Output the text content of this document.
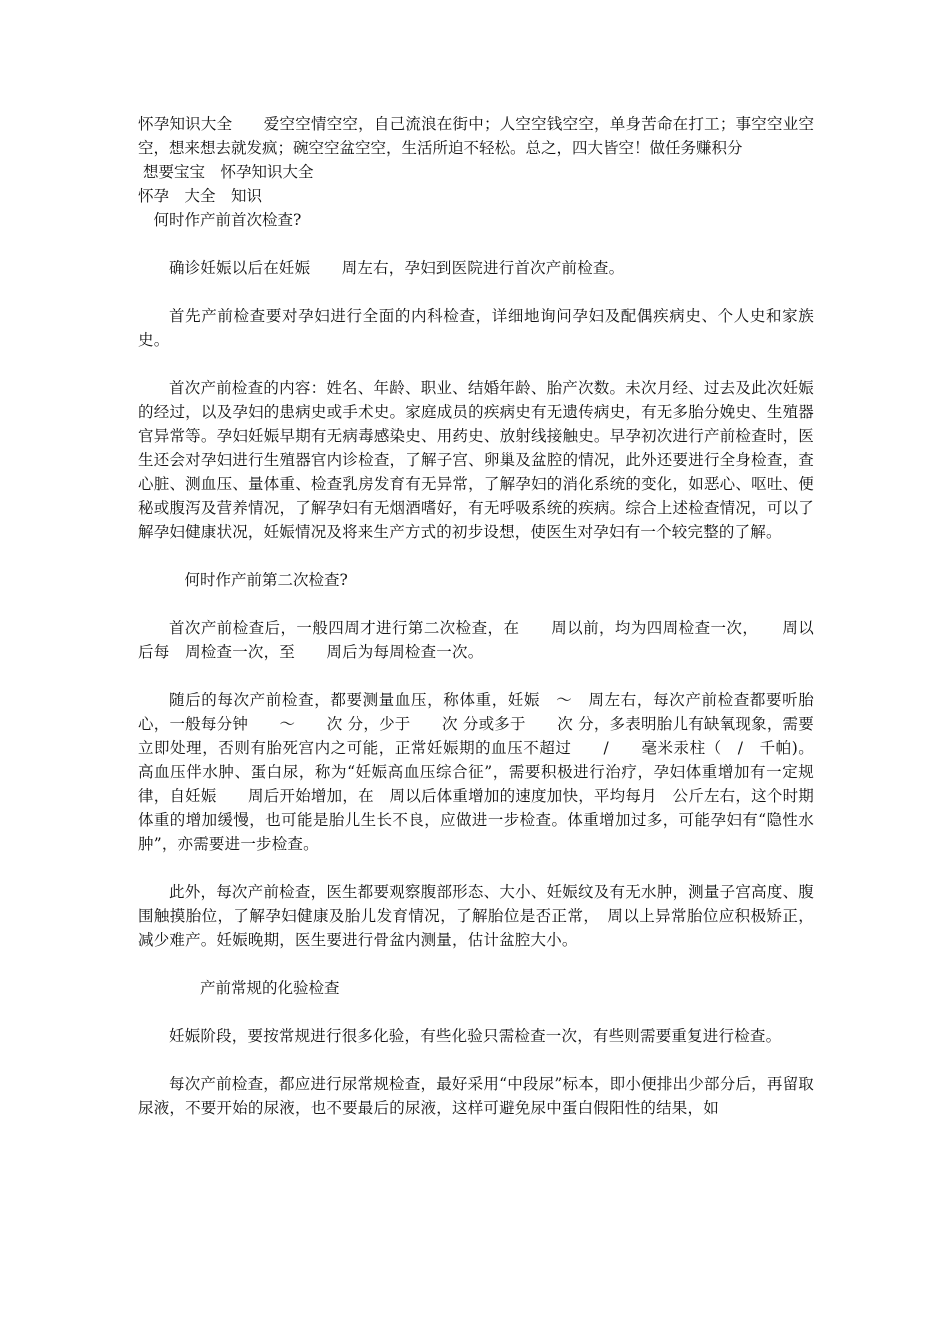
怀孕知识大全　　爱空空情空空，自己流浪在街中；人空空钱空空，单身苦命在打工；事空空业空空，想来想去就发疯；碗空空盆空空，生活所迫不轻松。总之，四大皆空！做任务赚积分

想要宝宝　怀孕知识大全

怀孕　大全　知识

　何时作产前首次检查?

确诊妊娠以后在妊娠　　周左右，孕妇到医院进行首次产前检查。

首先产前检查要对孕妇进行全面的内科检查，详细地询问孕妇及配偶疾病史、个人史和家族史。

首次产前检查的内容：姓名、年龄、职业、结婚年龄、胎产次数。未次月经、过去及此次妊娠的经过，以及孕妇的患病史或手术史。家庭成员的疾病史有无遗传病史，有无多胎分娩史、生殖器官异常等。孕妇妊娠早期有无病毒感染史、用药史、放射线接触史。早孕初次进行产前检查时，医生还会对孕妇进行生殖器官内诊检查，了解子宫、卵巢及盆腔的情况，此外还要进行全身检查，查心脏、测血压、量体重、检查乳房发育有无异常，了解孕妇的消化系统的变化，如恶心、呕吐、便秘或腹泻及营养情况，了解孕妇有无烟酒嗜好，有无呼吸系统的疾病。综合上述检查情况，可以了解孕妇健康状况，妊娠情况及将来生产方式的初步设想，使医生对孕妇有一个较完整的了解。

　　　何时作产前第二次检查?

首次产前检查后，一般四周才进行第二次检查，在　　周以前，均为四周检查一次，　　周以后每　周检查一次，至　　周后为每周检查一次。

随后的每次产前检查，都要测量血压，称体重，妊娠　～　周左右，每次产前检查都要听胎心，一般每分钟　　～　　次 分，少于　　次 分或多于　　次 分，多表明胎儿有缺氧现象，需要立即处理，否则有胎死宫内之可能，正常妊娠期的血压不超过　　/　　毫米汞柱（　/　千帕)。高血压伴水肿、蛋白尿，称为“妊娠高血压综合征”，需要积极进行治疗，孕妇体重增加有一定规律，自妊娠　　周后开始增加，在　周以后体重增加的速度加快，平均每月　公斤左右，这个时期体重的增加缓慢，也可能是胎儿生长不良，应做进一步检查。体重增加过多，可能孕妇有“隐性水肿”，亦需要进一步检查。

此外，每次产前检查，医生都要观察腹部形态、大小、妊娠纹及有无水肿，测量子宫高度、腹围触摸胎位，了解孕妇健康及胎儿发育情况，了解胎位是否正常，　周以上异常胎位应积极矫正，减少难产。妊娠晚期，医生要进行骨盆内测量，估计盆腔大小。

　　　　产前常规的化验检查

妊娠阶段，要按常规进行很多化验，有些化验只需检查一次，有些则需要重复进行检查。

每次产前检查，都应进行尿常规检查，最好采用“中段尿”标本，即小便排出少部分后，再留取尿液，不要开始的尿液，也不要最后的尿液，这样可避免尿中蛋白假阳性的结果，如
